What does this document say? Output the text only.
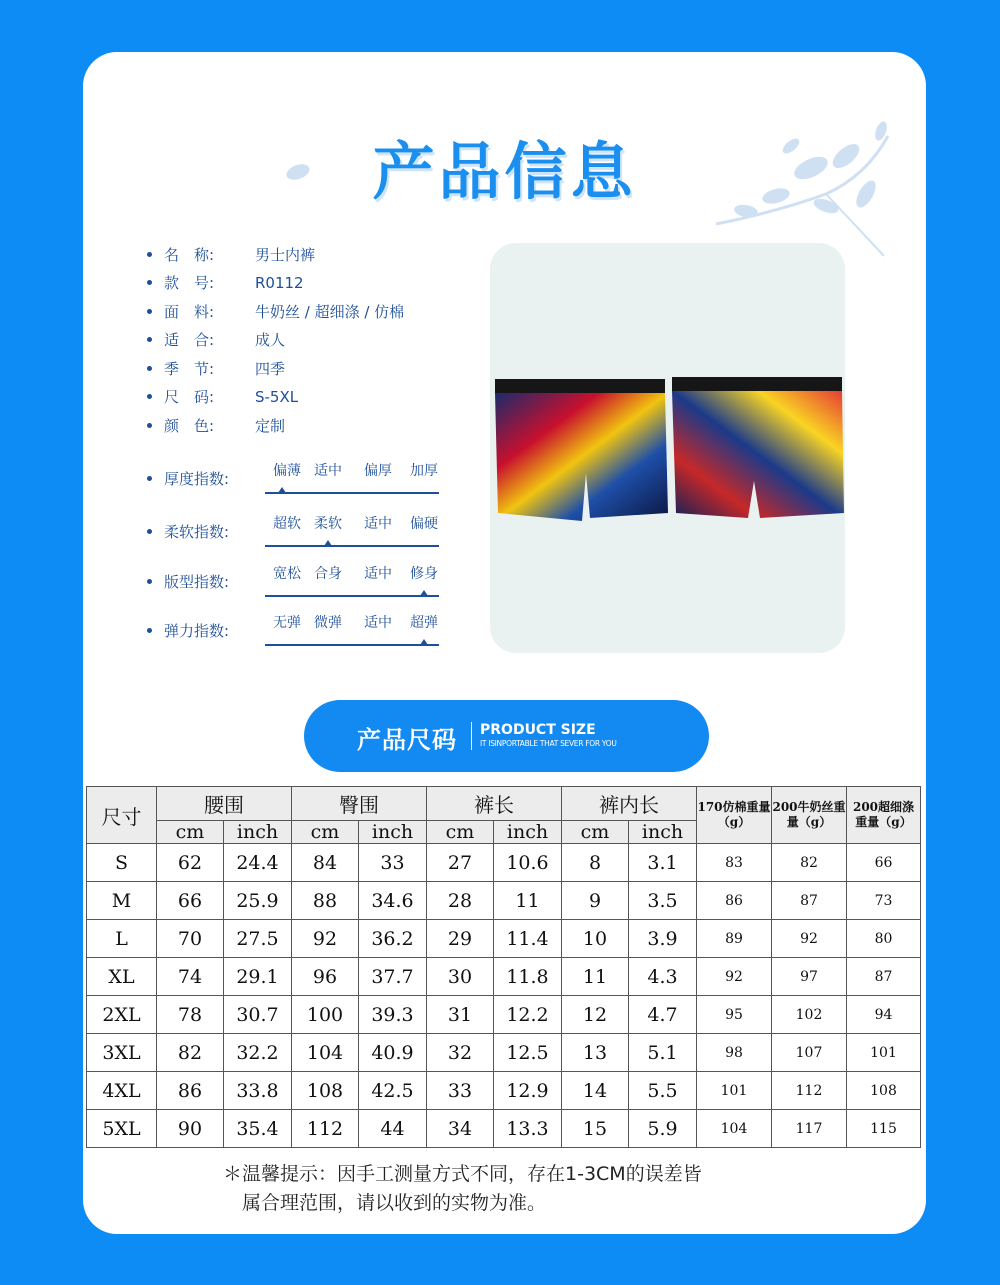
产品信息
名　称:	男士内裤
款　号:	R0112
面　料:	牛奶丝 / 超细涤 / 仿棉
适　合:	成人
季　节:	四季
尺　码:	S-5XL
颜　色:	定制
厚度指数:	偏薄 适中	偏厚	加厚
柔软指数:	超软 柔软	适中	偏硬
版型指数:	宽松 合身	适中	修身
弹力指数:	无弹 微弹	适中	超弹
产品尺码 PRODUCT SIZE
IT ISINPORTABLE THAT SEVER FOR YOU
尺寸	腰围		臀围		裤长		裤内长		170仿棉重量（g）	200牛奶丝重量（g）	200超细涤重量（g）
	cm	inch	cm	inch	cm	inch	cm	inch			
S	62	24.4	84	33	27	10.6	8	3.1	83	82	66
M	66	25.9	88	34.6	28	11	9	3.5	86	87	73
L	70	27.5	92	36.2	29	11.4	10	3.9	89	92	80
XL	74	29.1	96	37.7	30	11.8	11	4.3	92	97	87
2XL	78	30.7	100	39.3	31	12.2	12	4.7	95	102	94
3XL	82	32.2	104	40.9	32	12.5	13	5.1	98	107	101
4XL	86	33.8	108	42.5	33	12.9	14	5.5	101	112	108
5XL	90	35.4	112	44	34	13.3	15	5.9	104	117	115
＊温馨提示：因手工测量方式不同，存在1-3CM的误差皆
　属合理范围，请以收到的实物为准。
